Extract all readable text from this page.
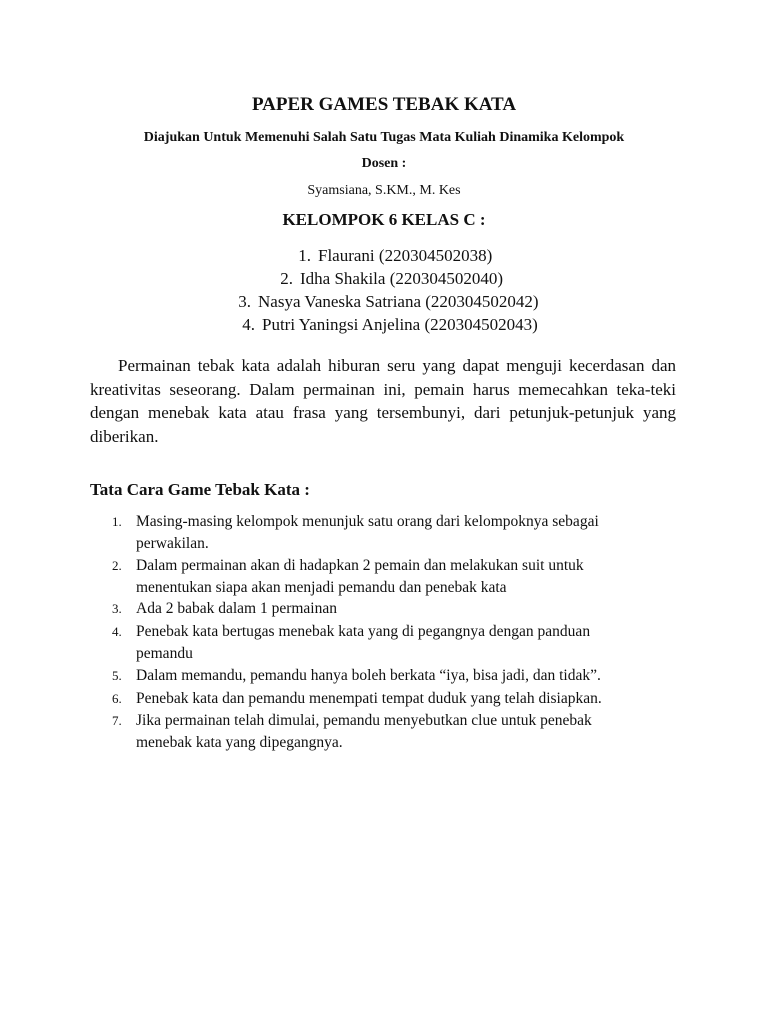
PAPER GAMES TEBAK KATA
Diajukan Untuk Memenuhi Salah Satu Tugas Mata Kuliah Dinamika Kelompok
Dosen :
Syamsiana, S.KM., M. Kes
KELOMPOK 6 KELAS C :
1. Flaurani (220304502038)
2. Idha Shakila (220304502040)
3. Nasya Vaneska Satriana (220304502042)
4. Putri Yaningsi Anjelina (220304502043)
Permainan tebak kata adalah hiburan seru yang dapat menguji kecerdasan dan kreativitas seseorang. Dalam permainan ini, pemain harus memecahkan teka-teki dengan menebak kata atau frasa yang tersembunyi, dari petunjuk-petunjuk yang diberikan.
Tata Cara Game Tebak Kata :
1. Masing-masing kelompok menunjuk satu orang dari kelompoknya sebagai
perwakilan.
2. Dalam permainan akan di hadapkan 2 pemain dan melakukan suit untuk
menentukan siapa akan menjadi pemandu dan penebak kata
3. Ada 2 babak dalam 1 permainan
4. Penebak kata bertugas menebak kata yang di pegangnya dengan panduan
pemandu
5. Dalam memandu, pemandu hanya boleh berkata “iya, bisa jadi, dan tidak”.
6. Penebak kata dan pemandu menempati tempat duduk yang telah disiapkan.
7. Jika permainan telah dimulai, pemandu menyebutkan clue untuk penebak
menebak kata yang dipegangnya.
